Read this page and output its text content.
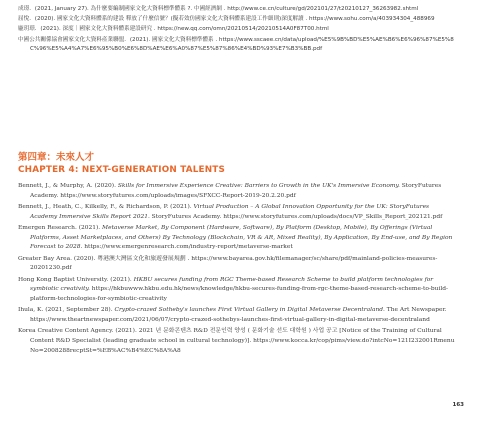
成璟．(2021, January 27). 為什麼要編制國家文化大資料標準體系 ?. 中國經濟網 . http://www.ce.cn/culture/gd/202101/27/t20210127_36263982.shtml

屈悅．(2020). 國家文化大資料體系的建設 釋放了什麼信號？(擬若效仿國家文化大資料體系建設工作細則)深度解讀 . https://www.sohu.com/a/403934304_488969

龐玥璟．(2021). 深度｜國家文化大資料體系建設研究 . https://new.qq.com/omn/20210514/20210514A0F87T00.html

中國公共關係協會國家文化大資料產業聯盟．(2021). 國家文化大資料標準體系 . https://www.sscaee.cn/data/upload/%E5%9B%BD%E5%AE%B6%E6%96%87%E5%8C%96%E5%A4%A7%E6%95%B0%E6%8D%AE%E6%A0%87%E5%87%86%E4%BD%93%E7%B3%BB.pdf

第四章：未來人才

CHAPTER 4: NEXT-GENERATION TALENTS

Bennett, J., & Murphy, A. (2020). Skills for Immersive Experience Creative: Barriers to Growth in the UK's Immersive Economy. StoryFutures Academy. https://www.storyfutures.com/uploads/images/SFXCC-Report-2019-20.2.20.pdf

Bennett, J., Heath, C., Kilkelly, F., & Richardson, P. (2021). Virtual Production – A Global Innovation Opportunity for the UK: StoryFutures Academy Immersive Skills Report 2021. StoryFutures Academy. https://www.storyfutures.com/uploads/docs/VP_Skills_Report_202121.pdf

Emergen Research. (2021). Metaverse Market, By Component (Hardware, Software), By Platform (Desktop, Mobile), By Offerings (Virtual Platforms, Asset Marketplaces, and Others) By Technology (Blockchain, VR & AR, Mixed Reality), By Application, By End-use, and By Region Forecast to 2028. https://www.emergenresearch.com/industry-report/metaverse-market

Greater Bay Area. (2020). 粵港澳大灣區文化和旅遊發展規劃 . https://www.bayarea.gov.hk/filemanager/sc/share/pdf/mainland-policies-measures-20201230.pdf

Hong Kong Baptist University. (2021). HKBU secures funding from RGC Theme-based Research Scheme to build platform technologies for symbiotic creativity. https://hkbuwww.hkbu.edu.hk/news/knowledge/hkbu-secures-funding-from-rgc-theme-based-research-scheme-to-build-platform-technologies-for-symbiotic-creativity

Ihula, K. (2021, September 28). Crypto-crazed Sotheby's launches First Virtual Gallery in Digital Metaverse Decentraland. The Art Newspaper. https://www.theartnewspaper.com/2021/06/07/crypto-crazed-sothebys-launches-first-virtual-gallery-in-digital-metaverse-decentraland

Korea Creative Content Agency. (2021). 2021 년 문화콘텐츠 R&D 전문인력 양성 ( 문화기술 선도 대학원 ) 사업 공고 [Notice of the Training of Cultural Content R&D Specialist (leading graduate school in cultural technology)]. https://www.kocca.kr/cop/pims/view.do?intcNo=121I232001Rmenu No=2008288recptSt=%EB%AC%B4%EC%8A%A8

163
